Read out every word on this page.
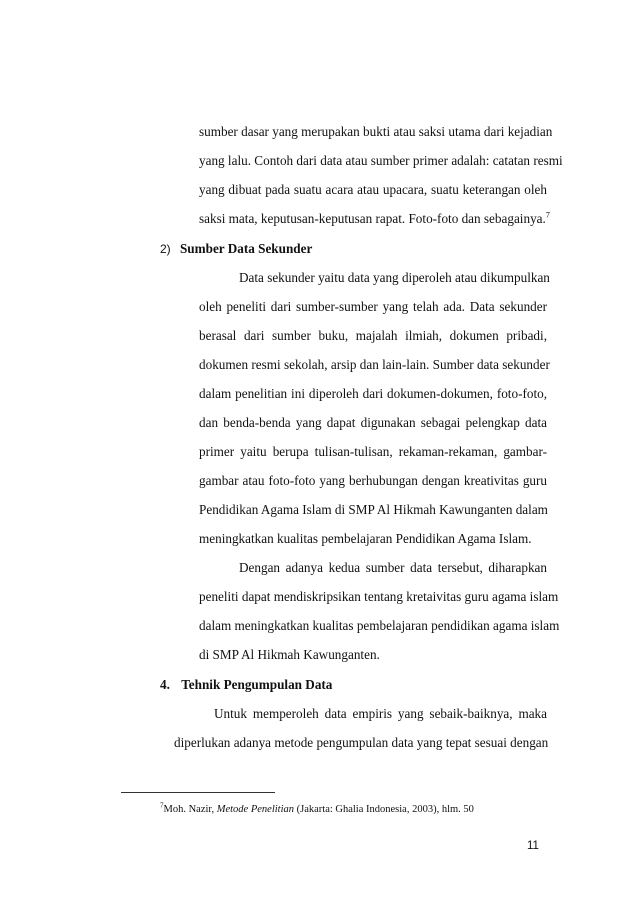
sumber dasar yang merupakan bukti atau saksi utama dari kejadian
yang lalu. Contoh dari data atau sumber primer adalah: catatan resmi
yang dibuat pada suatu acara atau upacara, suatu keterangan oleh
saksi mata, keputusan-keputusan rapat. Foto-foto dan sebagainya.$^7$
2) Sumber Data Sekunder
Data sekunder yaitu data yang diperoleh atau dikumpulkan
oleh peneliti dari sumber-sumber yang telah ada. Data sekunder
berasal dari sumber buku, majalah ilmiah, dokumen pribadi,
dokumen resmi sekolah, arsip dan lain-lain. Sumber data sekunder
dalam penelitian ini diperoleh dari dokumen-dokumen, foto-foto,
dan benda-benda yang dapat digunakan sebagai pelengkap data
primer yaitu berupa tulisan-tulisan, rekaman-rekaman, gambar-
gambar atau foto-foto yang berhubungan dengan kreativitas guru
Pendidikan Agama Islam di SMP Al Hikmah Kawunganten dalam
meningkatkan kualitas pembelajaran Pendidikan Agama Islam.
Dengan adanya kedua sumber data tersebut, diharapkan
peneliti dapat mendiskripsikan tentang kretaivitas guru agama islam
dalam meningkatkan kualitas pembelajaran pendidikan agama islam
di SMP Al Hikmah Kawunganten.
4. Tehnik Pengumpulan Data
Untuk memperoleh data empiris yang sebaik-baiknya, maka
diperlukan adanya metode pengumpulan data yang tepat sesuai dengan
$^7$Moh. Nazir, Metode Penelitian (Jakarta: Ghalia Indonesia, 2003), hlm. 50
11
